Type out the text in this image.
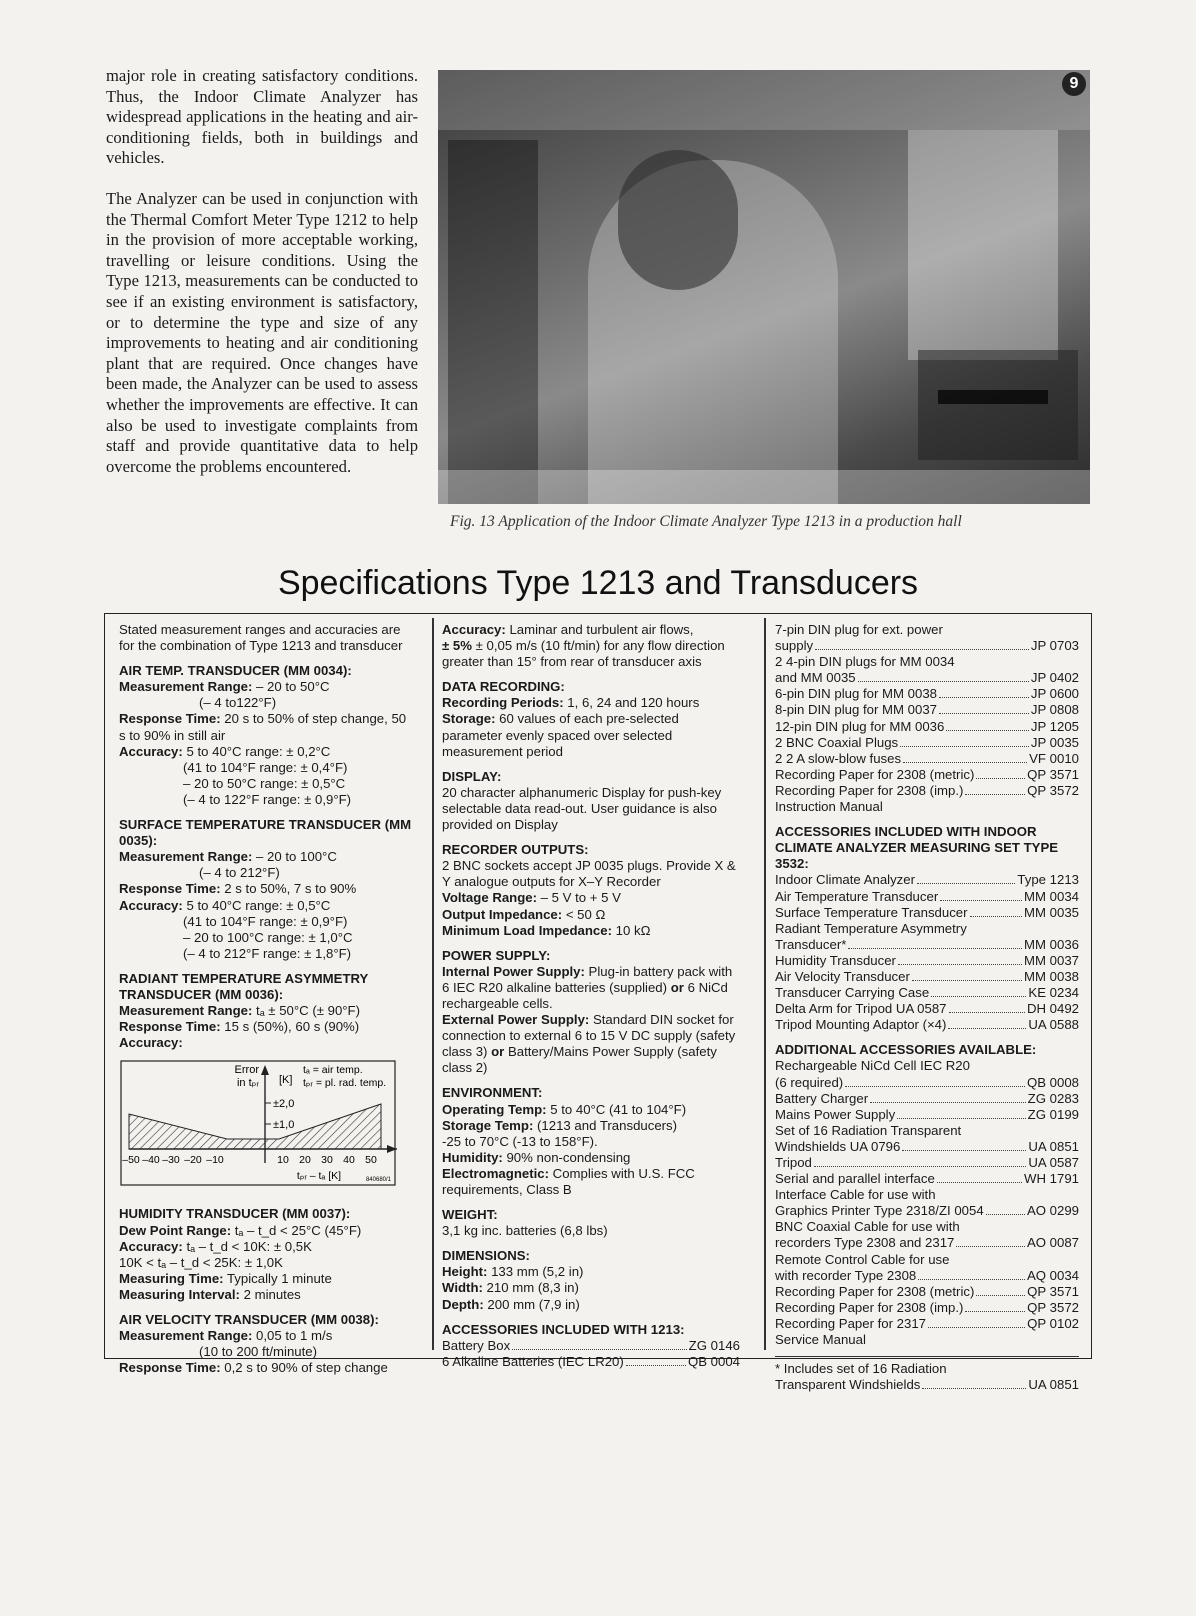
major role in creating satisfactory conditions. Thus, the Indoor Climate Analyzer has widespread applications in the heating and air-conditioning fields, both in buildings and vehicles.

The Analyzer can be used in conjunction with the Thermal Comfort Meter Type 1212 to help in the provision of more acceptable working, travelling or leisure conditions. Using the Type 1213, measurements can be conducted to see if an existing environment is satisfactory, or to determine the type and size of any improvements to heating and air conditioning plant that are required. Once changes have been made, the Analyzer can be used to assess whether the improvements are effective. It can also be used to investigate complaints from staff and provide quantitative data to help overcome the problems encountered.

9
Fig. 13 Application of the Indoor Climate Analyzer Type 1213 in a production hall
Specifications Type 1213 and Transducers
Stated measurement ranges and accuracies are for the combination of Type 1213 and transducer
AIR TEMP. TRANSDUCER (MM 0034):
Measurement Range: – 20 to 50°C
(– 4 to122°F)
Response Time: 20 s to 50% of step change, 50 s to 90% in still air
Accuracy: 5 to 40°C range: ± 0,2°C
(41 to 104°F range: ± 0,4°F)
– 20 to 50°C range: ± 0,5°C
(– 4 to 122°F range: ± 0,9°F)
SURFACE TEMPERATURE TRANSDUCER (MM 0035):
Measurement Range: – 20 to 100°C
(– 4 to 212°F)
Response Time: 2 s to 50%, 7 s to 90%
Accuracy: 5 to 40°C range: ± 0,5°C
(41 to 104°F range: ± 0,9°F)
– 20 to 100°C range: ± 1,0°C
(– 4 to 212°F range: ± 1,8°F)
RADIANT TEMPERATURE ASYMMETRY TRANSDUCER (MM 0036):
Measurement Range: tₐ ± 50°C (± 90°F)
Response Time: 15 s (50%), 60 s (90%)
Accuracy:
Error
in tₚᵣ [K]
tₐ = air temp.
tₚᵣ = pl. rad. temp.
±2,0
±1,0
–50 –40 –30 –20 –10	10 20 30 40 50
tₚᵣ – tₐ [K]	840680/1
HUMIDITY TRANSDUCER (MM 0037):
Dew Point Range: tₐ – t_d < 25°C (45°F)
Accuracy: tₐ – t_d < 10K: ± 0,5K
10K < tₐ – t_d < 25K: ± 1,0K
Measuring Time: Typically 1 minute
Measuring Interval: 2 minutes
AIR VELOCITY TRANSDUCER (MM 0038):
Measurement Range: 0,05 to 1 m/s
(10 to 200 ft/minute)
Response Time: 0,2 s to 90% of step change
Accuracy: Laminar and turbulent air flows,
± 5% ± 0,05 m/s (10 ft/min) for any flow direction greater than 15° from rear of transducer axis
DATA RECORDING:
Recording Periods: 1, 6, 24 and 120 hours
Storage: 60 values of each pre-selected parameter evenly spaced over selected measurement period
DISPLAY:
20 character alphanumeric Display for push-key selectable data read-out. User guidance is also provided on Display
RECORDER OUTPUTS:
2 BNC sockets accept JP 0035 plugs. Provide X & Y analogue outputs for X–Y Recorder
Voltage Range: – 5 V to + 5 V
Output Impedance: < 50 Ω
Minimum Load Impedance: 10 kΩ
POWER SUPPLY:
Internal Power Supply: Plug-in battery pack with 6 IEC R20 alkaline batteries (supplied) or 6 NiCd rechargeable cells.
External Power Supply: Standard DIN socket for connection to external 6 to 15 V DC supply (safety class 3) or Battery/Mains Power Supply (safety class 2)
ENVIRONMENT:
Operating Temp: 5 to 40°C (41 to 104°F)
Storage Temp: (1213 and Transducers)
-25 to 70°C (-13 to 158°F).
Humidity: 90% non-condensing
Electromagnetic: Complies with U.S. FCC requirements, Class B
WEIGHT:
3,1 kg inc. batteries (6,8 lbs)
DIMENSIONS:
Height: 133 mm (5,2 in)
Width: 210 mm (8,3 in)
Depth: 200 mm (7,9 in)
ACCESSORIES INCLUDED WITH 1213:
Battery Box	ZG 0146
6 Alkaline Batteries (IEC LR20)	QB 0004
7-pin DIN plug for ext. power
supply	JP 0703
2 4-pin DIN plugs for MM 0034
and MM 0035	JP 0402
6-pin DIN plug for MM 0038	JP 0600
8-pin DIN plug for MM 0037	JP 0808
12-pin DIN plug for MM 0036	JP 1205
2 BNC Coaxial Plugs	JP 0035
2 2 A slow-blow fuses	VF 0010
Recording Paper for 2308 (metric)	QP 3571
Recording Paper for 2308 (imp.)	QP 3572
Instruction Manual
ACCESSORIES INCLUDED WITH INDOOR CLIMATE ANALYZER MEASURING SET TYPE 3532:
Indoor Climate Analyzer	Type 1213
Air Temperature Transducer	MM 0034
Surface Temperature Transducer	MM 0035
Radiant Temperature Asymmetry
Transducer*	MM 0036
Humidity Transducer	MM 0037
Air Velocity Transducer	MM 0038
Transducer Carrying Case	KE 0234
Delta Arm for Tripod UA 0587	DH 0492
Tripod Mounting Adaptor (×4)	UA 0588
ADDITIONAL ACCESSORIES AVAILABLE:
Rechargeable NiCd Cell IEC R20
(6 required)	QB 0008
Battery Charger	ZG 0283
Mains Power Supply	ZG 0199
Set of 16 Radiation Transparent
Windshields UA 0796	UA 0851
Tripod	UA 0587
Serial and parallel interface	WH 1791
Interface Cable for use with
Graphics Printer Type 2318/ZI 0054	AO 0299
BNC Coaxial Cable for use with
recorders Type 2308 and 2317	AO 0087
Remote Control Cable for use
with recorder Type 2308	AQ 0034
Recording Paper for 2308 (metric)	QP 3571
Recording Paper for 2308 (imp.)	QP 3572
Recording Paper for 2317	QP 0102
Service Manual
* Includes set of 16 Radiation
Transparent Windshields	UA 0851
